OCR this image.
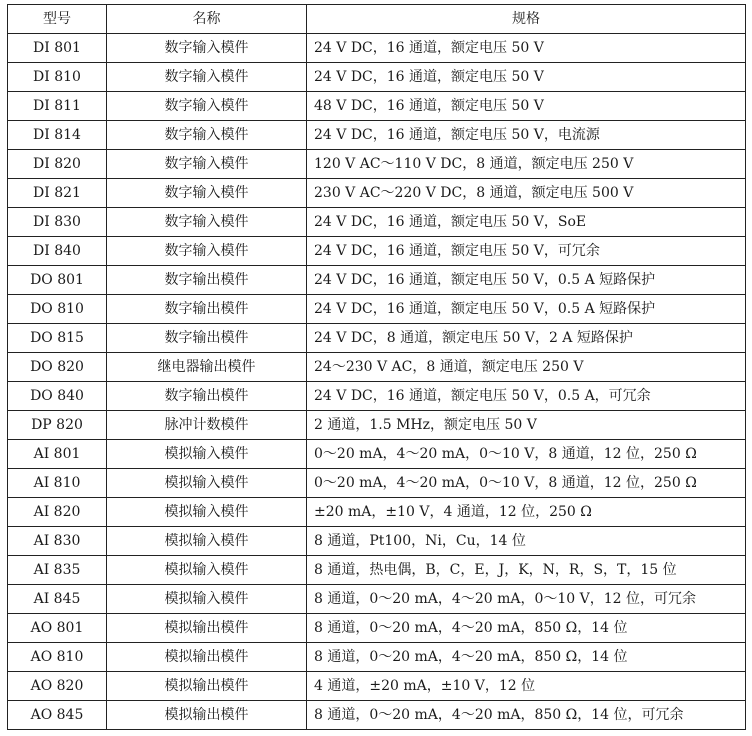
型号	名称	规格
DI 801	数字输入模件	24 V DC，16 通道，额定电压 50 V
DI 810	数字输入模件	24 V DC，16 通道，额定电压 50 V
DI 811	数字输入模件	48 V DC，16 通道，额定电压 50 V
DI 814	数字输入模件	24 V DC，16 通道，额定电压 50 V，电流源
DI 820	数字输入模件	120 V AC～110 V DC，8 通道，额定电压 250 V
DI 821	数字输入模件	230 V AC～220 V DC，8 通道，额定电压 500 V
DI 830	数字输入模件	24 V DC，16 通道，额定电压 50 V，SoE
DI 840	数字输入模件	24 V DC，16 通道，额定电压 50 V，可冗余
DO 801	数字输出模件	24 V DC，16 通道，额定电压 50 V，0.5 A 短路保护
DO 810	数字输出模件	24 V DC，16 通道，额定电压 50 V，0.5 A 短路保护
DO 815	数字输出模件	24 V DC，8 通道，额定电压 50 V，2 A 短路保护
DO 820	继电器输出模件	24～230 V AC，8 通道，额定电压 250 V
DO 840	数字输出模件	24 V DC，16 通道，额定电压 50 V，0.5 A，可冗余
DP 820	脉冲计数模件	2 通道，1.5 MHz，额定电压 50 V
AI 801	模拟输入模件	0～20 mA，4～20 mA，0～10 V，8 通道，12 位，250 Ω
AI 810	模拟输入模件	0～20 mA，4～20 mA，0～10 V，8 通道，12 位，250 Ω
AI 820	模拟输入模件	±20 mA，±10 V，4 通道，12 位，250 Ω
AI 830	模拟输入模件	8 通道，Pt100，Ni，Cu，14 位
AI 835	模拟输入模件	8 通道，热电偶，B，C，E，J，K，N，R，S，T，15 位
AI 845	模拟输入模件	8 通道，0～20 mA，4～20 mA，0～10 V，12 位，可冗余
AO 801	模拟输出模件	8 通道，0～20 mA，4～20 mA，850 Ω，14 位
AO 810	模拟输出模件	8 通道，0～20 mA，4～20 mA，850 Ω，14 位
AO 820	模拟输出模件	4 通道，±20 mA，±10 V，12 位
AO 845	模拟输出模件	8 通道，0～20 mA，4～20 mA，850 Ω，14 位，可冗余
